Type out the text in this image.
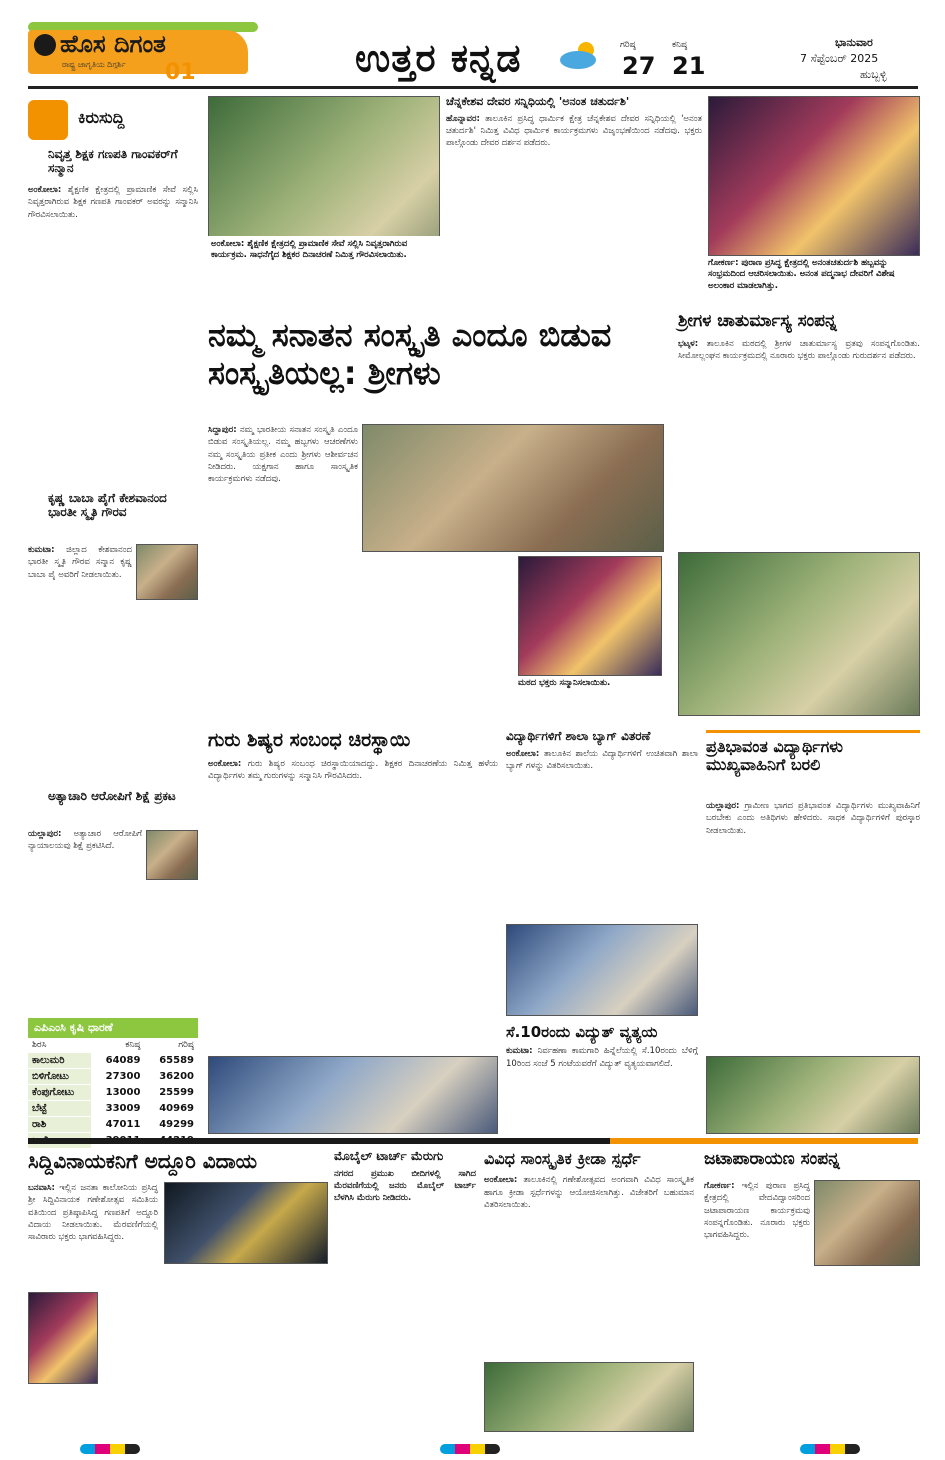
ಹೊಸ ದಿಗಂತ
ರಾಷ್ಟ್ರ ಜಾಗೃತಿಯ ದಿಗ್ಗರ್ಶಿ 01	ಉತ್ತರ ಕನ್ನಡ	ಗರಿಷ್ಠ
27
ಕನಿಷ್ಠ
21
ಭಾನುವಾರ
7 ಸೆಪ್ಟೆಂಬರ್ 2025
ಹುಬ್ಬಳ್ಳಿ
ಕಿರುಸುದ್ದಿ
ನಿವೃತ್ತ ಶಿಕ್ಷಕ ಗಣಪತಿ ಗಾಂವಕರ್‌ಗೆ ಸನ್ಮಾನ
ಅಂಕೋಲಾ: ಶೈಕ್ಷಣಿಕ ಕ್ಷೇತ್ರದಲ್ಲಿ ಪ್ರಾಮಾಣಿಕ ಸೇವೆ ಸಲ್ಲಿಸಿ ನಿವೃತ್ತರಾಗಿರುವ ಶಿಕ್ಷಕ ಗಣಪತಿ ಗಾಂವಕರ್ ಅವರನ್ನು ಸನ್ಮಾನಿಸಿ ಗೌರವಿಸಲಾಯಿತು.
ಕೃಷ್ಣ ಬಾಬಾ ಪೈಗೆ ಕೇಶವಾನಂದ ಭಾರತೀ ಸ್ಮೃತಿ ಗೌರವ
ಕುಮಟಾ: ಜಿಲ್ಲಾದ ಕೇಶವಾನಂದ ಭಾರತೀ ಸ್ಮೃತಿ ಗೌರವ ಸನ್ಮಾನ ಕೃಷ್ಣ ಬಾಬಾ ಪೈ ಅವರಿಗೆ ನೀಡಲಾಯಿತು.
ಅತ್ಯಾಚಾರಿ ಆರೋಪಿಗೆ ಶಿಕ್ಷೆ ಪ್ರಕಟ
ಯಲ್ಲಾಪುರ: ಅತ್ಯಾಚಾರ ಆರೋಪಿಗೆ ನ್ಯಾಯಾಲಯವು ಶಿಕ್ಷೆ ಪ್ರಕಟಿಸಿದೆ.
ಎಪಿಎಂಸಿ ಕೃಷಿ ಧಾರಣೆ
ಶಿರಸಿ	ಕನಿಷ್ಠ	ಗರಿಷ್ಠ
ಕಾಲುಮರಿ	64089	65589
ಬಿಳಿಗೋಟು	27300	36200
ಕೆಂಪುಗೋಟು	13000	25599
ಬೆಟ್ಟೆ	33009	40969
ರಾಶಿ	47011	49299

ಅಂಕೋಲಾ: ಶೈಕ್ಷಣಿಕ ಕ್ಷೇತ್ರದಲ್ಲಿ ಪ್ರಾಮಾಣಿಕ ಸೇವೆ ಸಲ್ಲಿಸಿ ನಿವೃತ್ತರಾಗಿರುವ ಕಾರ್ಯಕ್ರಮ. ಸಾಧನೆಗೈದ ಶಿಕ್ಷಕರ ದಿನಾಚರಣೆ ನಿಮಿತ್ತ ಗೌರವಿಸಲಾಯಿತು.
ಚೆನ್ನಕೇಶವ ದೇವರ ಸನ್ನಿಧಿಯಲ್ಲಿ 'ಅನಂತ ಚತುರ್ದಶಿ'
ಹೊನ್ನಾವರ: ತಾಲೂಕಿನ ಪ್ರಸಿದ್ಧ ಧಾರ್ಮಿಕ ಕ್ಷೇತ್ರ ಚೆನ್ನಕೇಶವ ದೇವರ ಸನ್ನಿಧಿಯಲ್ಲಿ 'ಅನಂತ ಚತುರ್ದಶಿ' ನಿಮಿತ್ತ ವಿವಿಧ ಧಾರ್ಮಿಕ ಕಾರ್ಯಕ್ರಮಗಳು ವಿಜೃಂಭಣೆಯಿಂದ ನಡೆದವು. ಭಕ್ತರು ಪಾಲ್ಗೊಂಡು ದೇವರ ದರ್ಶನ ಪಡೆದರು.
ಗೋಕರ್ಣ: ಪುರಾಣ ಪ್ರಸಿದ್ಧ ಕ್ಷೇತ್ರದಲ್ಲಿ ಅನಂತಚತುರ್ದಶಿ ಹಬ್ಬವನ್ನು ಸಂಭ್ರಮದಿಂದ ಆಚರಿಸಲಾಯಿತು. ಅನಂತ ಪದ್ಮನಾಭ ದೇವರಿಗೆ ವಿಶೇಷ ಅಲಂಕಾರ ಮಾಡಲಾಗಿತ್ತು.
ನಮ್ಮ ಸನಾತನ ಸಂಸ್ಕೃತಿ ಎಂದೂ ಬಿಡುವ ಸಂಸ್ಕೃತಿಯಲ್ಲ: ಶ್ರೀಗಳು
ಸಿದ್ದಾಪುರ: ನಮ್ಮ ಭಾರತೀಯ ಸನಾತನ ಸಂಸ್ಕೃತಿ ಎಂದೂ ಬಿಡುವ ಸಂಸ್ಕೃತಿಯಲ್ಲ. ನಮ್ಮ ಹಬ್ಬಗಳು ಆಚರಣೆಗಳು ನಮ್ಮ ಸಂಸ್ಕೃತಿಯ ಪ್ರತೀಕ ಎಂದು ಶ್ರೀಗಳು ಆಶೀರ್ವಚನ ನೀಡಿದರು. ಯಕ್ಷಗಾನ ಹಾಗೂ ಸಾಂಸ್ಕೃತಿಕ ಕಾರ್ಯಕ್ರಮಗಳು ನಡೆದವು.
ಮಠದ ಭಕ್ತರು ಸನ್ಮಾನಿಸಲಾಯಿತು.
ಶ್ರೀಗಳ ಚಾತುರ್ಮಾಸ್ಯ ಸಂಪನ್ನ
ಭಟ್ಕಳ: ತಾಲೂಕಿನ ಮಠದಲ್ಲಿ ಶ್ರೀಗಳ ಚಾತುರ್ಮಾಸ್ಯ ವ್ರತವು ಸಂಪನ್ನಗೊಂಡಿತು. ಸೀಮೋಲ್ಲಂಘನ ಕಾರ್ಯಕ್ರಮದಲ್ಲಿ ನೂರಾರು ಭಕ್ತರು ಪಾಲ್ಗೊಂಡು ಗುರುದರ್ಶನ ಪಡೆದರು.
ಗುರು ಶಿಷ್ಯರ ಸಂಬಂಧ ಚಿರಸ್ಥಾಯಿ
ಅಂಕೋಲಾ: ಗುರು ಶಿಷ್ಯರ ಸಂಬಂಧ ಚಿರಸ್ಥಾಯಿಯಾದದ್ದು. ಶಿಕ್ಷಕರ ದಿನಾಚರಣೆಯ ನಿಮಿತ್ತ ಹಳೆಯ ವಿದ್ಯಾರ್ಥಿಗಳು ತಮ್ಮ ಗುರುಗಳನ್ನು ಸನ್ಮಾನಿಸಿ ಗೌರವಿಸಿದರು.
ವಿದ್ಯಾರ್ಥಿಗಳಿಗೆ ಶಾಲಾ ಬ್ಯಾಗ್ ವಿತರಣೆ
ಅಂಕೋಲಾ: ತಾಲೂಕಿನ ಶಾಲೆಯ ವಿದ್ಯಾರ್ಥಿಗಳಿಗೆ ಉಚಿತವಾಗಿ ಶಾಲಾ ಬ್ಯಾಗ್ ಗಳನ್ನು ವಿತರಿಸಲಾಯಿತು.
ಸೆ.10ರಂದು ವಿದ್ಯುತ್ ವ್ಯತ್ಯಯ
ಕುಮಟಾ: ನಿರ್ವಹಣಾ ಕಾಮಗಾರಿ ಹಿನ್ನೆಲೆಯಲ್ಲಿ ಸೆ.10ರಂದು ಬೆಳಿಗ್ಗೆ 10ರಿಂದ ಸಂಜೆ 5 ಗಂಟೆಯವರೆಗೆ ವಿದ್ಯುತ್ ವ್ಯತ್ಯಯವಾಗಲಿದೆ.
ಪ್ರತಿಭಾವಂತ ವಿದ್ಯಾರ್ಥಿಗಳು ಮುಖ್ಯವಾಹಿನಿಗೆ ಬರಲಿ
ಯಲ್ಲಾಪುರ: ಗ್ರಾಮೀಣ ಭಾಗದ ಪ್ರತಿಭಾವಂತ ವಿದ್ಯಾರ್ಥಿಗಳು ಮುಖ್ಯವಾಹಿನಿಗೆ ಬರಬೇಕು ಎಂದು ಅತಿಥಿಗಳು ಹೇಳಿದರು. ಸಾಧಕ ವಿದ್ಯಾರ್ಥಿಗಳಿಗೆ ಪುರಸ್ಕಾರ ನೀಡಲಾಯಿತು.
ಸಿದ್ದಿವಿನಾಯಕನಿಗೆ ಅದ್ದೂರಿ ವಿದಾಯ
ಬನವಾಸಿ: ಇಲ್ಲಿನ ಜನತಾ ಕಾಲೋನಿಯ ಪ್ರಸಿದ್ಧ ಶ್ರೀ ಸಿದ್ದಿವಿನಾಯಕ ಗಣೇಶೋತ್ಸವ ಸಮಿತಿಯ ವತಿಯಿಂದ ಪ್ರತಿಷ್ಠಾಪಿಸಿದ್ದ ಗಣಪತಿಗೆ ಅದ್ದೂರಿ ವಿದಾಯ ನೀಡಲಾಯಿತು. ಮೆರವಣಿಗೆಯಲ್ಲಿ ಸಾವಿರಾರು ಭಕ್ತರು ಭಾಗವಹಿಸಿದ್ದರು.
ಮೊಬೈಲ್ ಟಾರ್ಚ್ ಮೆರುಗು
ನಗರದ ಪ್ರಮುಖ ಬೀದಿಗಳಲ್ಲಿ ಸಾಗಿದ ಮೆರವಣಿಗೆಯಲ್ಲಿ ಜನರು ಮೊಬೈಲ್ ಟಾರ್ಚ್ ಬೆಳಗಿಸಿ ಮೆರುಗು ನೀಡಿದರು.
ವಿವಿಧ ಸಾಂಸ್ಕೃತಿಕ ಕ್ರೀಡಾ ಸ್ಪರ್ಧೆ
ಅಂಕೋಲಾ: ತಾಲೂಕಿನಲ್ಲಿ ಗಣೇಶೋತ್ಸವದ ಅಂಗವಾಗಿ ವಿವಿಧ ಸಾಂಸ್ಕೃತಿಕ ಹಾಗೂ ಕ್ರೀಡಾ ಸ್ಪರ್ಧೆಗಳನ್ನು ಆಯೋಜಿಸಲಾಗಿತ್ತು. ವಿಜೇತರಿಗೆ ಬಹುಮಾನ ವಿತರಿಸಲಾಯಿತು.
ಜಟಾಪಾರಾಯಣ ಸಂಪನ್ನ
ಗೋಕರ್ಣ: ಇಲ್ಲಿನ ಪುರಾಣ ಪ್ರಸಿದ್ಧ ಕ್ಷೇತ್ರದಲ್ಲಿ ವೇದವಿದ್ವಾಂಸರಿಂದ ಜಟಾಪಾರಾಯಣ ಕಾರ್ಯಕ್ರಮವು ಸಂಪನ್ನಗೊಂಡಿತು. ನೂರಾರು ಭಕ್ತರು ಭಾಗವಹಿಸಿದ್ದರು.
